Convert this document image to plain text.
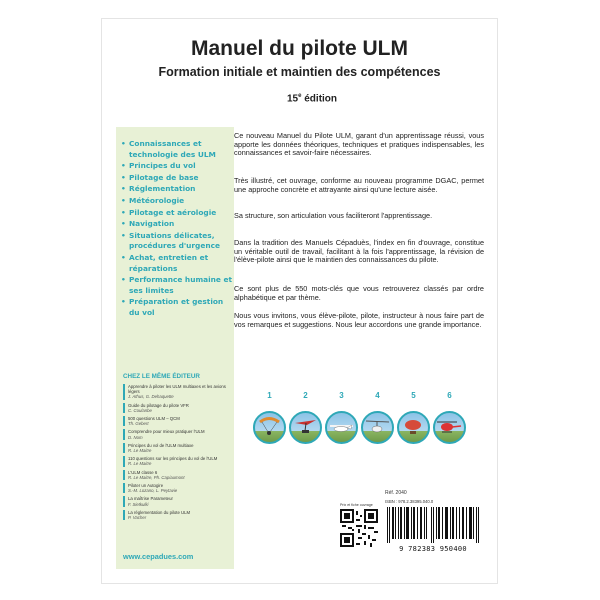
Manuel du pilote ULM
Formation initiale et maintien des compétences
15e édition
• Connaissances et technologie des ULM
• Principes du vol
• Pilotage de base
• Réglementation
• Météorologie
• Pilotage et aérologie
• Navigation
• Situations délicates, procédures d'urgence
• Achat, entretien et réparations
• Performance humaine et ses limites
• Préparation et gestion du vol
CHEZ LE MÊME ÉDITEUR
Apprendre à piloter les ULM multiaxes et les avions légers
J. Athus, G. Dehaquette
Guide du pilotage du pilote VFR
C. Coulanbe
500 questions ULM – QCM
Th. Gebert
Comprendre pour mieux pratiquer l'ULM
D. Nom
Principes du vol de l'ULM multiaxe
R. Le Maitre
110 questions sur les principes du vol de l'ULM
R. Le Maitre
L'ULM classe 6
R. Le Maitre, Ph. Capiaumont
Piloter un Autogire
S.-M. Lozano, L. Peytavie
La maîtrise Parameteur
F. Sietkulki
La réglementation du pilote ULM
P. Vacher
www.cepadues.com

Ce nouveau Manuel du Pilote ULM, garant d'un apprentissage réussi, vous apporte les données théoriques, techniques et pratiques indispensables, les connaissances et savoir-faire nécessaires.

Très illustré, cet ouvrage, conforme au nouveau programme DGAC, permet une approche concrète et attrayante ainsi qu'une lecture aisée.

Sa structure, son articulation vous faciliteront l'apprentissage.

Dans la tradition des Manuels Cépaduès, l'index en fin d'ouvrage, constitue un véritable outil de travail, facilitant à la fois l'apprentissage, la révision de l'élève-pilote ainsi que le maintien des connaissances du pilote.

Ce sont plus de 550 mots-clés que vous retrouverez classés par ordre alphabétique et par thème.

Nous vous invitons, vous élève-pilote, pilote, instructeur à nous faire part de vos remarques et suggestions. Nous leur accordons une grande importance.

1	2	3	4	5	6
Réf. 2040
ISBN : 978.2.38395.040.0
Prix et fiche ouvrage
9 782383 950400
